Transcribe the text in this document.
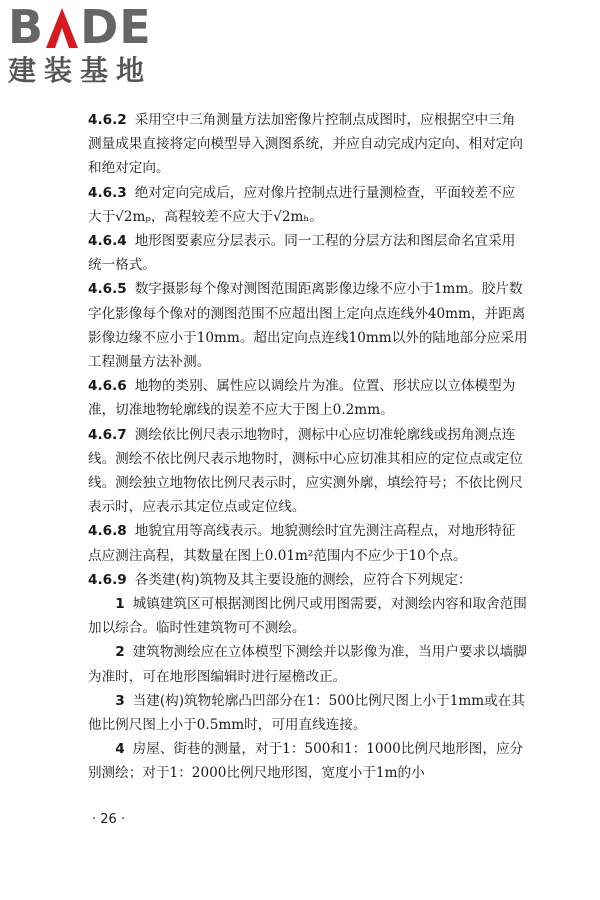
B DE
建装基地

4.6.2 采用空中三角测量方法加密像片控制点成图时，应根据空中三角测量成果直接将定向模型导入测图系统，并应自动完成内定向、相对定向和绝对定向。

4.6.3 绝对定向完成后，应对像片控制点进行量测检查，平面较差不应大于√2mₚ，高程较差不应大于√2mₕ。

4.6.4 地形图要素应分层表示。同一工程的分层方法和图层命名宜采用统一格式。

4.6.5 数字摄影每个像对测图范围距离影像边缘不应小于1mm。胶片数字化影像每个像对的测图范围不应超出图上定向点连线外40mm，并距离影像边缘不应小于10mm。超出定向点连线10mm以外的陆地部分应采用工程测量方法补测。

4.6.6 地物的类别、属性应以调绘片为准。位置、形状应以立体模型为准，切准地物轮廓线的误差不应大于图上0.2mm。

4.6.7 测绘依比例尺表示地物时，测标中心应切准轮廓线或拐角测点连线。测绘不依比例尺表示地物时，测标中心应切准其相应的定位点或定位线。测绘独立地物依比例尺表示时，应实测外廓，填绘符号；不依比例尺表示时，应表示其定位点或定位线。

4.6.8 地貌宜用等高线表示。地貌测绘时宜先测注高程点，对地形特征点应测注高程，其数量在图上0.01m²范围内不应少于10个点。

4.6.9 各类建(构)筑物及其主要设施的测绘，应符合下列规定：

1 城镇建筑区可根据测图比例尺或用图需要，对测绘内容和取舍范围加以综合。临时性建筑物可不测绘。

2 建筑物测绘应在立体模型下测绘并以影像为准，当用户要求以墙脚为准时，可在地形图编辑时进行屋檐改正。

3 当建(构)筑物轮廓凸凹部分在1：500比例尺图上小于1mm或在其他比例尺图上小于0.5mm时，可用直线连接。

4 房屋、街巷的测量，对于1：500和1：1000比例尺地形图，应分别测绘；对于1：2000比例尺地形图，宽度小于1m的小

· 26 ·
